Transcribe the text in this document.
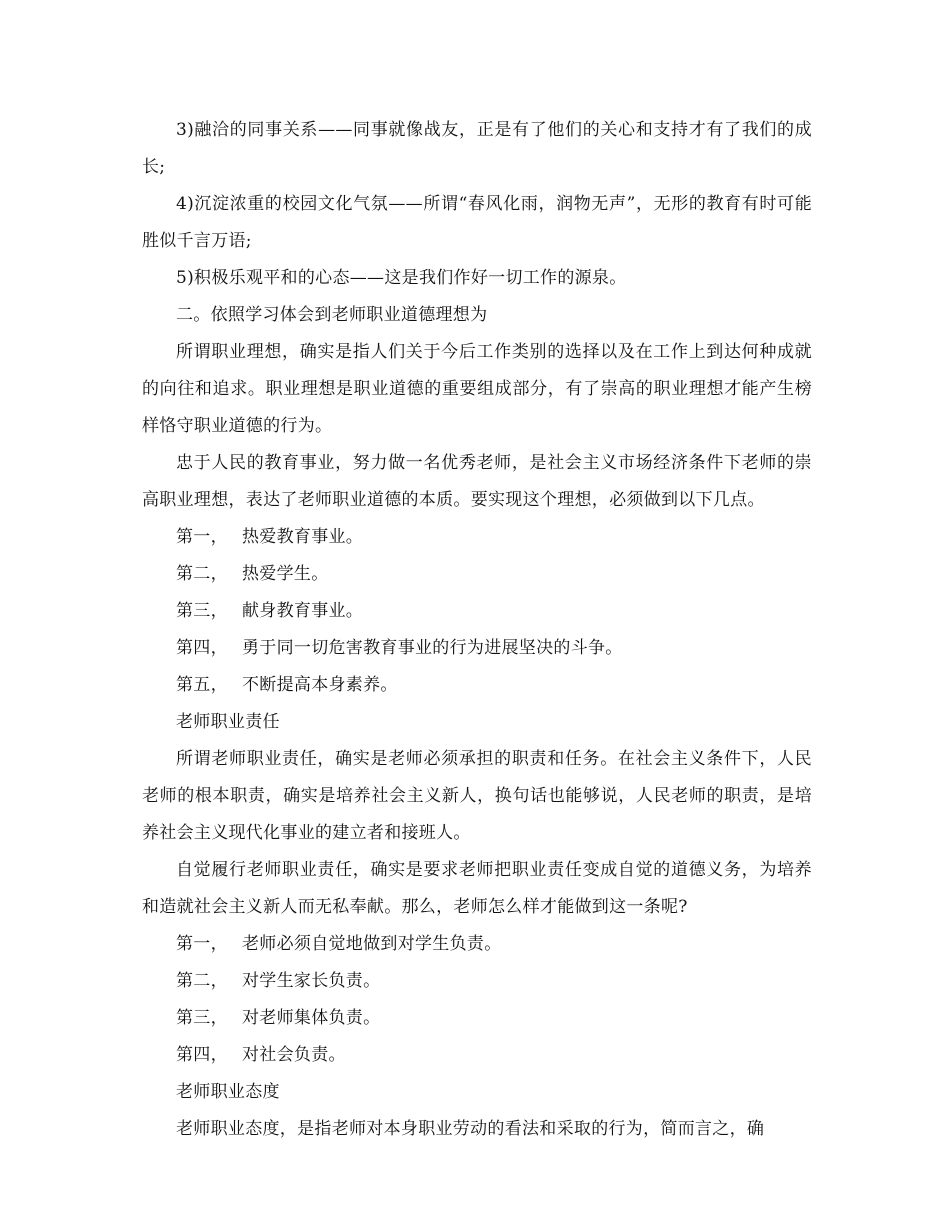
3)融洽的同事关系——同事就像战友，正是有了他们的关心和支持才有了我们的成长;

4)沉淀浓重的校园文化气氛——所谓“春风化雨，润物无声”，无形的教育有时可能胜似千言万语;

5)积极乐观平和的心态——这是我们作好一切工作的源泉。

二。依照学习体会到老师职业道德理想为

所谓职业理想，确实是指人们关于今后工作类别的选择以及在工作上到达何种成就的向往和追求。职业理想是职业道德的重要组成部分，有了崇高的职业理想才能产生榜样恪守职业道德的行为。

忠于人民的教育事业，努力做一名优秀老师，是社会主义市场经济条件下老师的崇高职业理想，表达了老师职业道德的本质。要实现这个理想，必须做到以下几点。

第一， 热爱教育事业。

第二， 热爱学生。

第三， 献身教育事业。

第四， 勇于同一切危害教育事业的行为进展坚决的斗争。

第五， 不断提高本身素养。

老师职业责任

所谓老师职业责任，确实是老师必须承担的职责和任务。在社会主义条件下，人民老师的根本职责，确实是培养社会主义新人，换句话也能够说，人民老师的职责，是培养社会主义现代化事业的建立者和接班人。

自觉履行老师职业责任，确实是要求老师把职业责任变成自觉的道德义务，为培养和造就社会主义新人而无私奉献。那么，老师怎么样才能做到这一条呢?

第一， 老师必须自觉地做到对学生负责。

第二， 对学生家长负责。

第三， 对老师集体负责。

第四， 对社会负责。

老师职业态度

老师职业态度，是指老师对本身职业劳动的看法和采取的行为，简而言之，确
